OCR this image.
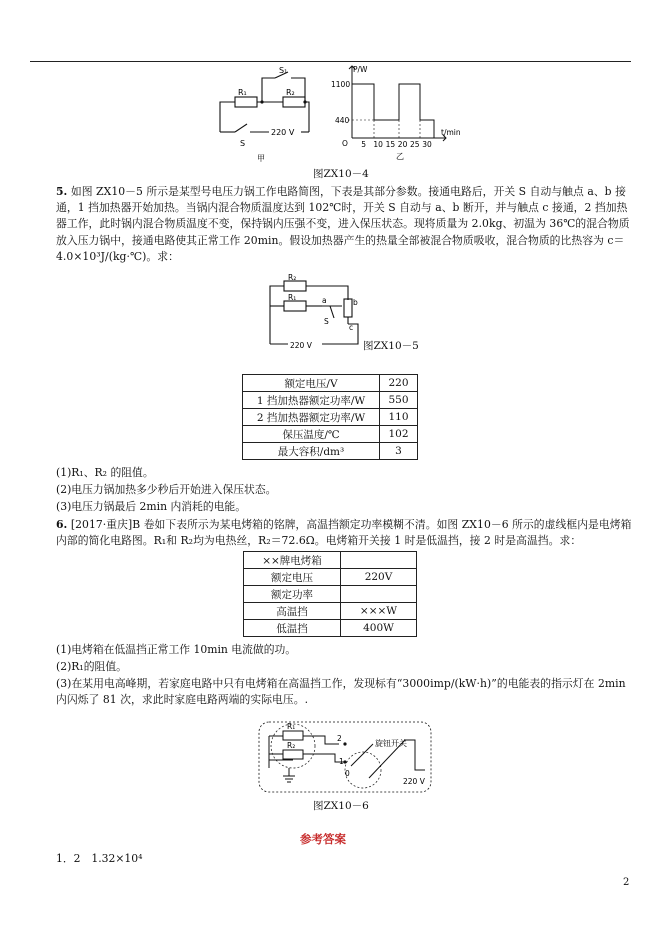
S₁
R₁	R₂
220 V
S
甲
P/W
1100
440
O 5 10 15 20 25 30
t/min
乙
图ZX10－4
5. 如图 ZX10－5 所示是某型号电压力锅工作电路简图，下表是其部分参数。接通电路后，开关 S 自动与触点 a、b 接通，1 挡加热器开始加热。当锅内混合物质温度达到 102℃时，开关 S 自动与 a、b 断开，并与触点 c 接通，2 挡加热器工作，此时锅内混合物质温度不变，保持锅内压强不变，进入保压状态。现将质量为 2.0kg、初温为 36℃的混合物质放入压力锅中，接通电路使其正常工作 20min。假设加热器产生的热量全部被混合物质吸收，混合物质的比热容为 c＝4.0×10³J/(kg·℃)。求：
R₂
R₁	a	b
S
c
220 V	图ZX10－5
额定电压/V	220
1 挡加热器额定功率/W	550
2 挡加热器额定功率/W	110
保压温度/℃	102
最大容积/dm³	3
(1)R₁、R₂ 的阻值。
(2)电压力锅加热多少秒后开始进入保压状态。
(3)电压力锅最后 2min 内消耗的电能。
6. [2017·重庆]B 卷如下表所示为某电烤箱的铭牌，高温挡额定功率模糊不清。如图 ZX10－6 所示的虚线框内是电烤箱内部的简化电路图。R₁和 R₂均为电热丝，R₂＝72.6Ω。电烤箱开关接 1 时是低温挡，接 2 时是高温挡。求：
××牌电烤箱	
额定电压	220V
额定功率	
高温挡	×××W
低温挡	400W
(1)电烤箱在低温挡正常工作 10min 电流做的功。
(2)R₁的阻值。
(3)在某用电高峰期，若家庭电路中只有电烤箱在高温挡工作，发现标有“3000imp/(kW·h)”的电能表的指示灯在 2min 内闪烁了 81 次，求此时家庭电路两端的实际电压。.
R₁
R₂
2
1
0
旋钮开关
220 V
图ZX10－6
参考答案
1．2　1.32×10⁴
2
